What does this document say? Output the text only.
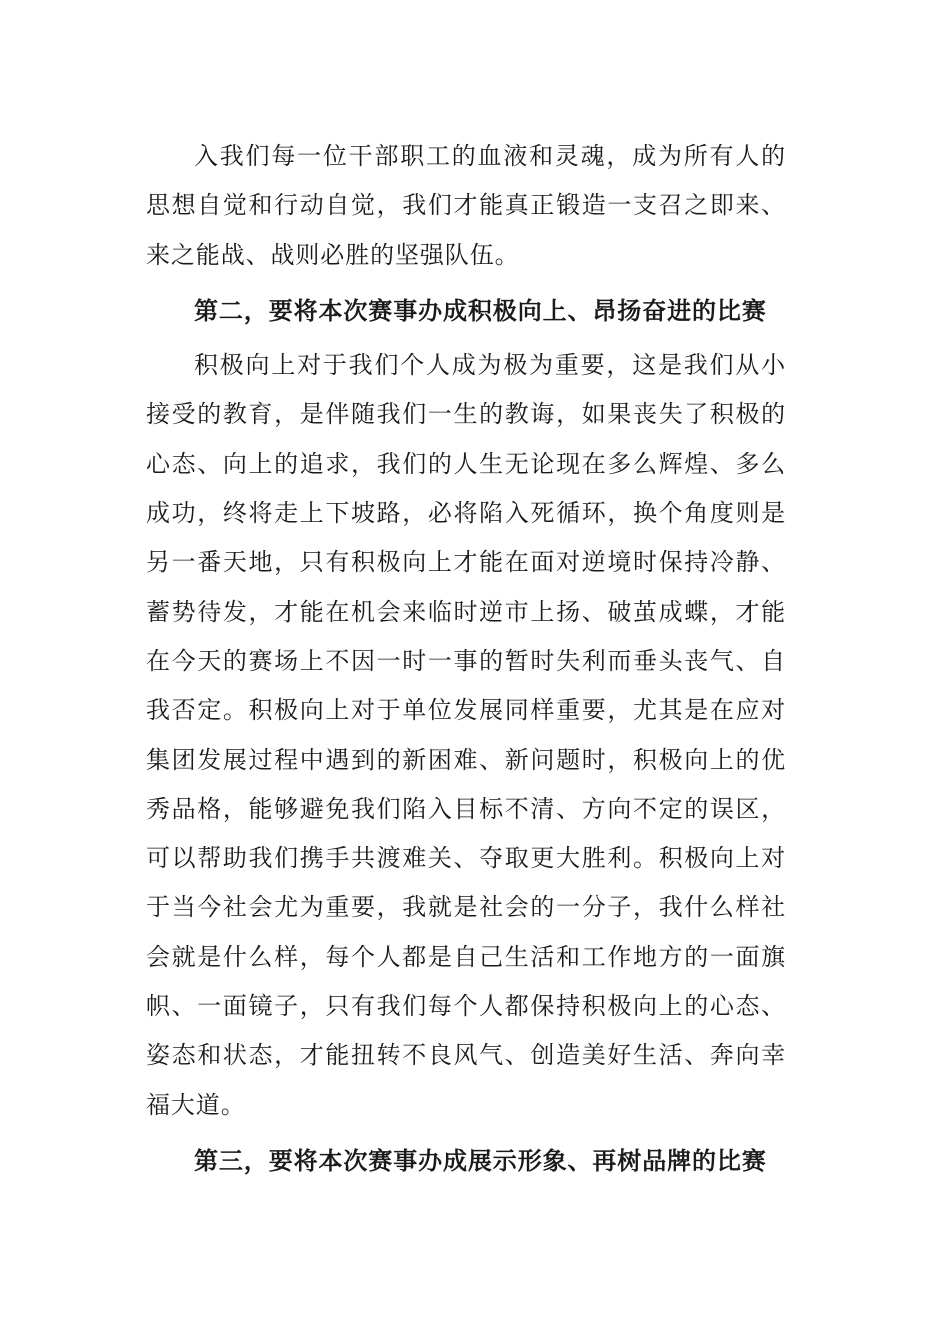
入我们每一位干部职工的血液和灵魂，成为所有人的思想自觉和行动自觉，我们才能真正锻造一支召之即来、来之能战、战则必胜的坚强队伍。

第二，要将本次赛事办成积极向上、昂扬奋进的比赛

积极向上对于我们个人成为极为重要，这是我们从小接受的教育，是伴随我们一生的教诲，如果丧失了积极的心态、向上的追求，我们的人生无论现在多么辉煌、多么成功，终将走上下坡路，必将陷入死循环，换个角度则是另一番天地，只有积极向上才能在面对逆境时保持冷静、蓄势待发，才能在机会来临时逆市上扬、破茧成蝶，才能在今天的赛场上不因一时一事的暂时失利而垂头丧气、自我否定。积极向上对于单位发展同样重要，尤其是在应对集团发展过程中遇到的新困难、新问题时，积极向上的优秀品格，能够避免我们陷入目标不清、方向不定的误区，可以帮助我们携手共渡难关、夺取更大胜利。积极向上对于当今社会尤为重要，我就是社会的一分子，我什么样社会就是什么样，每个人都是自己生活和工作地方的一面旗帜、一面镜子，只有我们每个人都保持积极向上的心态、姿态和状态，才能扭转不良风气、创造美好生活、奔向幸福大道。

第三，要将本次赛事办成展示形象、再树品牌的比赛
